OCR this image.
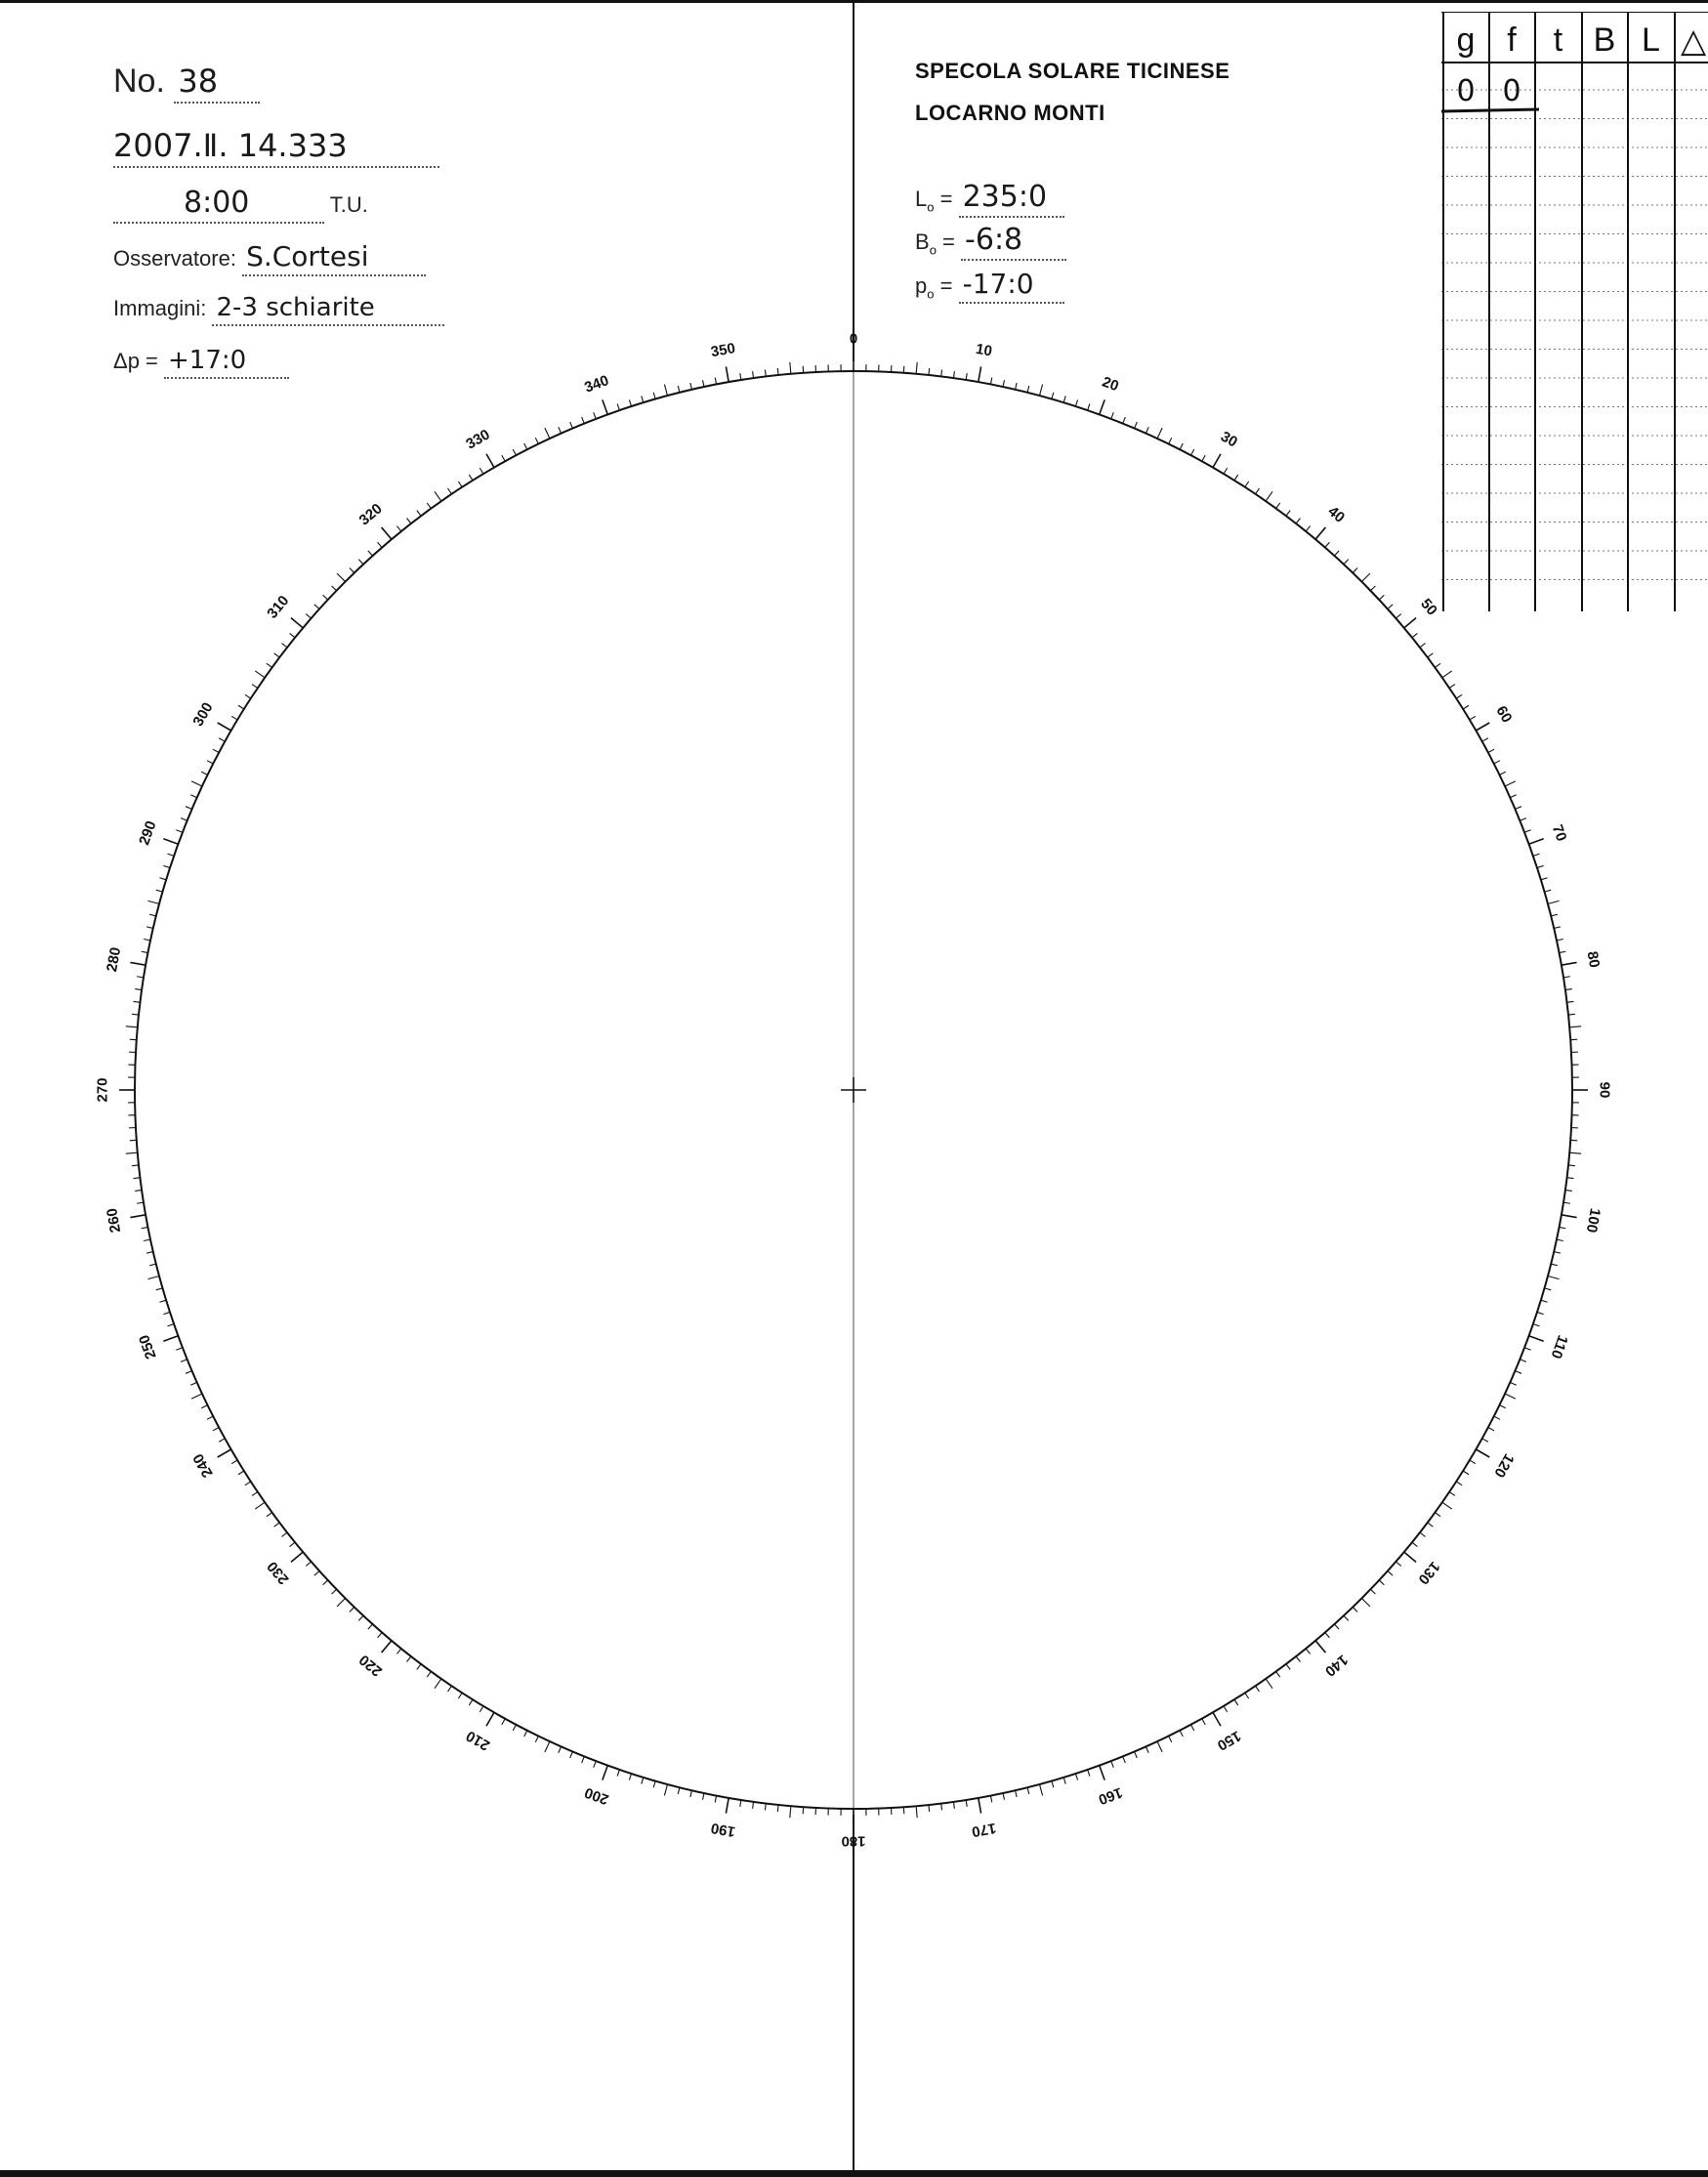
No. 38
2007.Ⅱ. 14.333
8:00	T.U.
Osservatore: S.Cortesi
Immagini: 2-3 schiarite
Δp = +17:0
SPECOLA SOLARE TICINESE
LOCARNO MONTI
$L_o$ = 235:0
$B_o$ = -6:8
$p_o$ = -17:0
0
10
20
30
40
50
60
70
80
90
100
110
120
130
140
150
160
170
180
190
200
210
220
230
240
250
260
270
280
290
300
310
320
330
340
350
g f	t B L △
0 0
